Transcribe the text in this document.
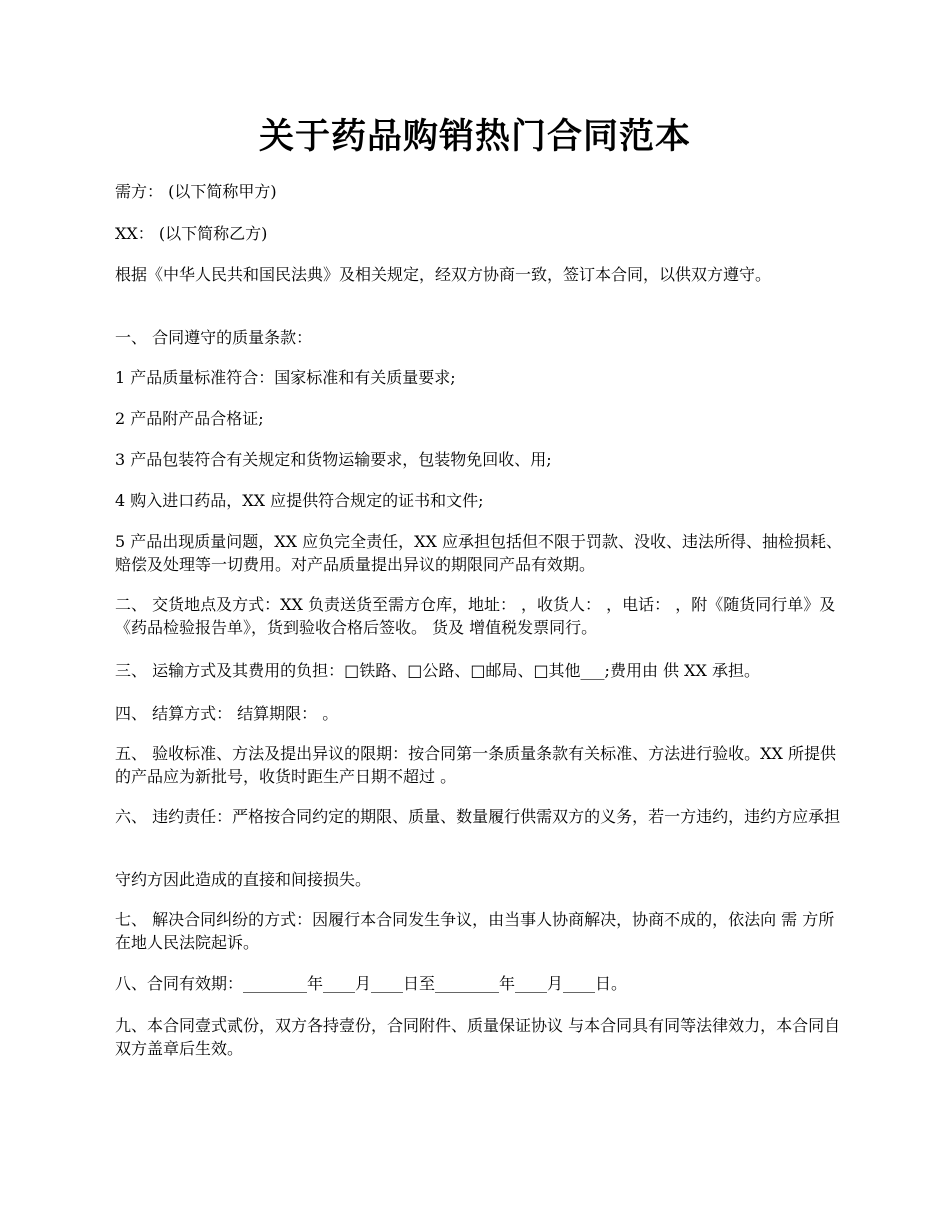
关于药品购销热门合同范本

需方： (以下简称甲方)

XX： (以下简称乙方)

根据《中华人民共和国民法典》及相关规定，经双方协商一致，签订本合同，以供双方遵守。

一、 合同遵守的质量条款：

1 产品质量标准符合：国家标准和有关质量要求;

2 产品附产品合格证;

3 产品包装符合有关规定和货物运输要求，包装物免回收、用;

4 购入进口药品，XX 应提供符合规定的证书和文件;

5 产品出现质量问题，XX 应负完全责任，XX 应承担包括但不限于罚款、没收、违法所得、抽检损耗、赔偿及处理等一切费用。对产品质量提出异议的期限同产品有效期。

二、 交货地点及方式：XX 负责送货至需方仓库，地址： ，收货人： ，电话： ，附《随货同行单》及《药品检验报告单》，货到验收合格后签收。 货及 增值税发票同行。

三、 运输方式及其费用的负担：□铁路、□公路、□邮局、□其他___;费用由 供 XX 承担。

四、 结算方式： 结算期限： 。

五、 验收标准、方法及提出异议的限期：按合同第一条质量条款有关标准、方法进行验收。XX 所提供的产品应为新批号，收货时距生产日期不超过 。

六、 违约责任：严格按合同约定的期限、质量、数量履行供需双方的义务，若一方违约，违约方应承担

守约方因此造成的直接和间接损失。

七、 解决合同纠纷的方式：因履行本合同发生争议，由当事人协商解决，协商不成的，依法向 需 方所在地人民法院起诉。

八、合同有效期：________年____月____日至________年____月____日。

九、本合同壹式贰份，双方各持壹份，合同附件、质量保证协议 与本合同具有同等法律效力，本合同自双方盖章后生效。
